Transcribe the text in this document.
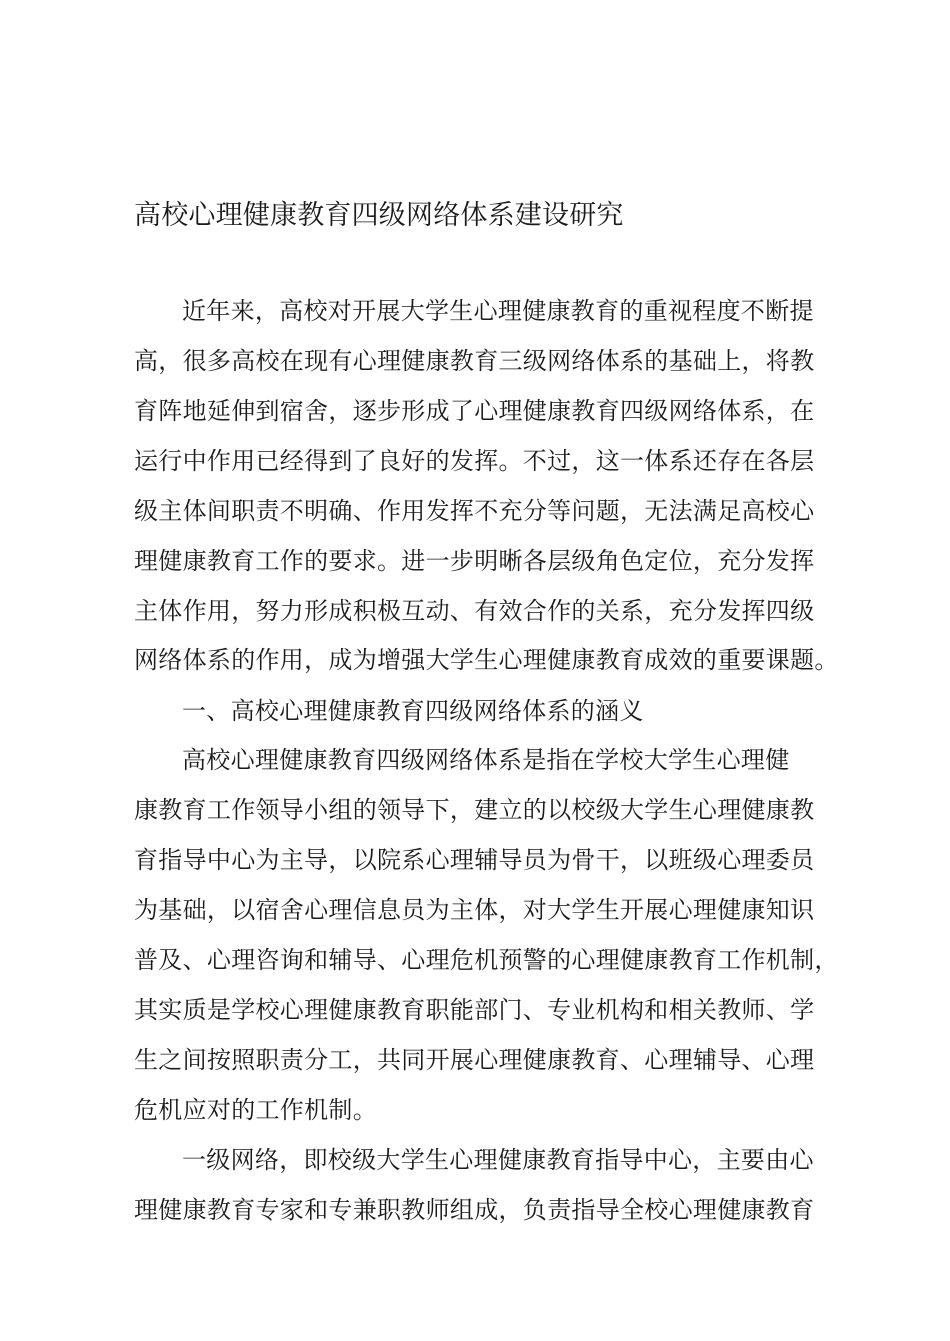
高校心理健康教育四级网络体系建设研究
近年来，高校对开展大学生心理健康教育的重视程度不断提
高，很多高校在现有心理健康教育三级网络体系的基础上，将教
育阵地延伸到宿舍，逐步形成了心理健康教育四级网络体系，在
运行中作用已经得到了良好的发挥。不过，这一体系还存在各层
级主体间职责不明确、作用发挥不充分等问题，无法满足高校心
理健康教育工作的要求。进一步明晰各层级角色定位，充分发挥
主体作用，努力形成积极互动、有效合作的关系，充分发挥四级
网络体系的作用，成为增强大学生心理健康教育成效的重要课题。
一、高校心理健康教育四级网络体系的涵义
高校心理健康教育四级网络体系是指在学校大学生心理健
康教育工作领导小组的领导下，建立的以校级大学生心理健康教
育指导中心为主导，以院系心理辅导员为骨干，以班级心理委员
为基础，以宿舍心理信息员为主体，对大学生开展心理健康知识
普及、心理咨询和辅导、心理危机预警的心理健康教育工作机制，
其实质是学校心理健康教育职能部门、专业机构和相关教师、学
生之间按照职责分工，共同开展心理健康教育、心理辅导、心理
危机应对的工作机制。
一级网络，即校级大学生心理健康教育指导中心，主要由心
理健康教育专家和专兼职教师组成，负责指导全校心理健康教育
